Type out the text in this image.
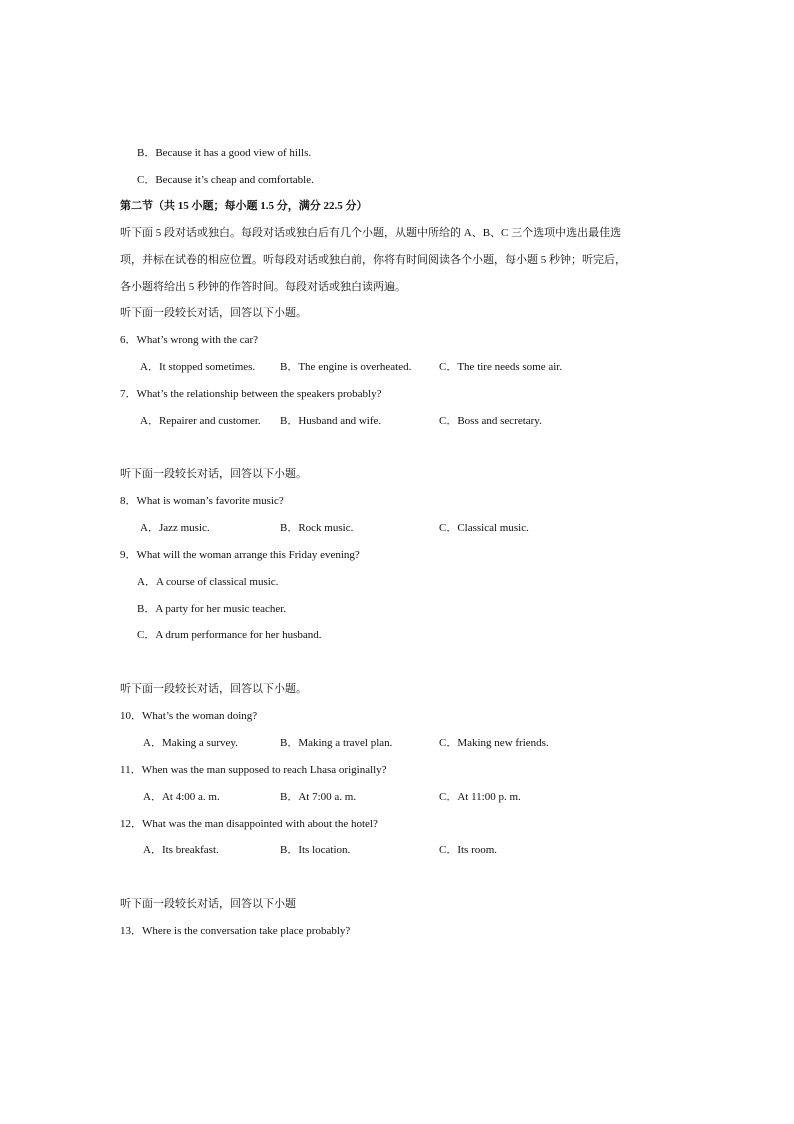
B．Because it has a good view of hills.
C．Because it’s cheap and comfortable.
第二节（共 15 小题；每小题 1.5 分，满分 22.5 分）
听下面 5 段对话或独白。每段对话或独白后有几个小题，从题中所给的 A、B、C 三个选项中选出最佳选
项，并标在试卷的相应位置。听每段对话或独白前，你将有时间阅读各个小题，每小题 5 秒钟；听完后，
各小题将给出 5 秒钟的作答时间。每段对话或独白读两遍。
听下面一段较长对话，回答以下小题。
6．What’s wrong with the car?
A．It stopped sometimes. B．The engine is overheated.	C．The tire needs some air.
7．What’s the relationship between the speakers probably?
A．Repairer and customer. B．Husband and wife.	C．Boss and secretary.
听下面一段较长对话，回答以下小题。
8．What is woman’s favorite music?
A．Jazz music.	B．Rock music.	C．Classical music.
9．What will the woman arrange this Friday evening?
A．A course of classical music.
B．A party for her music teacher.
C．A drum performance for her husband.
听下面一段较长对话，回答以下小题。
10．What’s the woman doing?
A．Making a survey.	B．Making a travel plan.	C．Making new friends.
11．When was the man supposed to reach Lhasa originally?
A．At 4:00 a. m.	B．At 7:00 a. m.	C．At 11:00 p. m.
12．What was the man disappointed with about the hotel?
A．Its breakfast.	B．Its location.	C．Its room.
听下面一段较长对话，回答以下小题
13．Where is the conversation take place probably?
